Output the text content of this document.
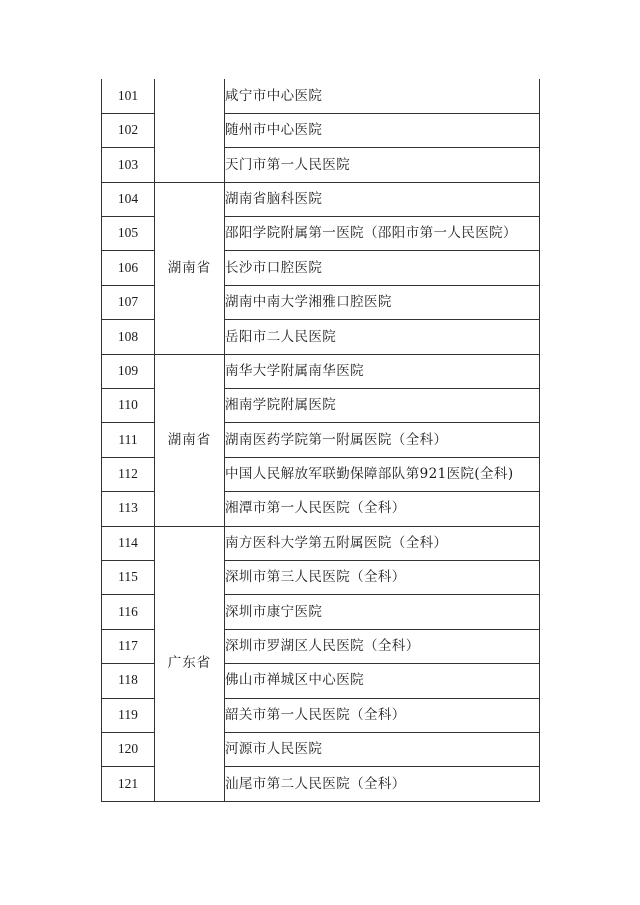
101		咸宁市中心医院
102		随州市中心医院
103		天门市第一人民医院
104	湖南省	湖南省脑科医院
105		邵阳学院附属第一医院（邵阳市第一人民医院）
106		长沙市口腔医院
107		湖南中南大学湘雅口腔医院
108		岳阳市二人民医院
109	湖南省	南华大学附属南华医院
110		湘南学院附属医院
111		湖南医药学院第一附属医院（全科）
112		中国人民解放军联勤保障部队第921医院(全科)
113		湘潭市第一人民医院（全科）
114	广东省	南方医科大学第五附属医院（全科）
115		深圳市第三人民医院（全科）
116		深圳市康宁医院
117		深圳市罗湖区人民医院（全科）
118		佛山市禅城区中心医院
119		韶关市第一人民医院（全科）
120		河源市人民医院
121		汕尾市第二人民医院（全科）
